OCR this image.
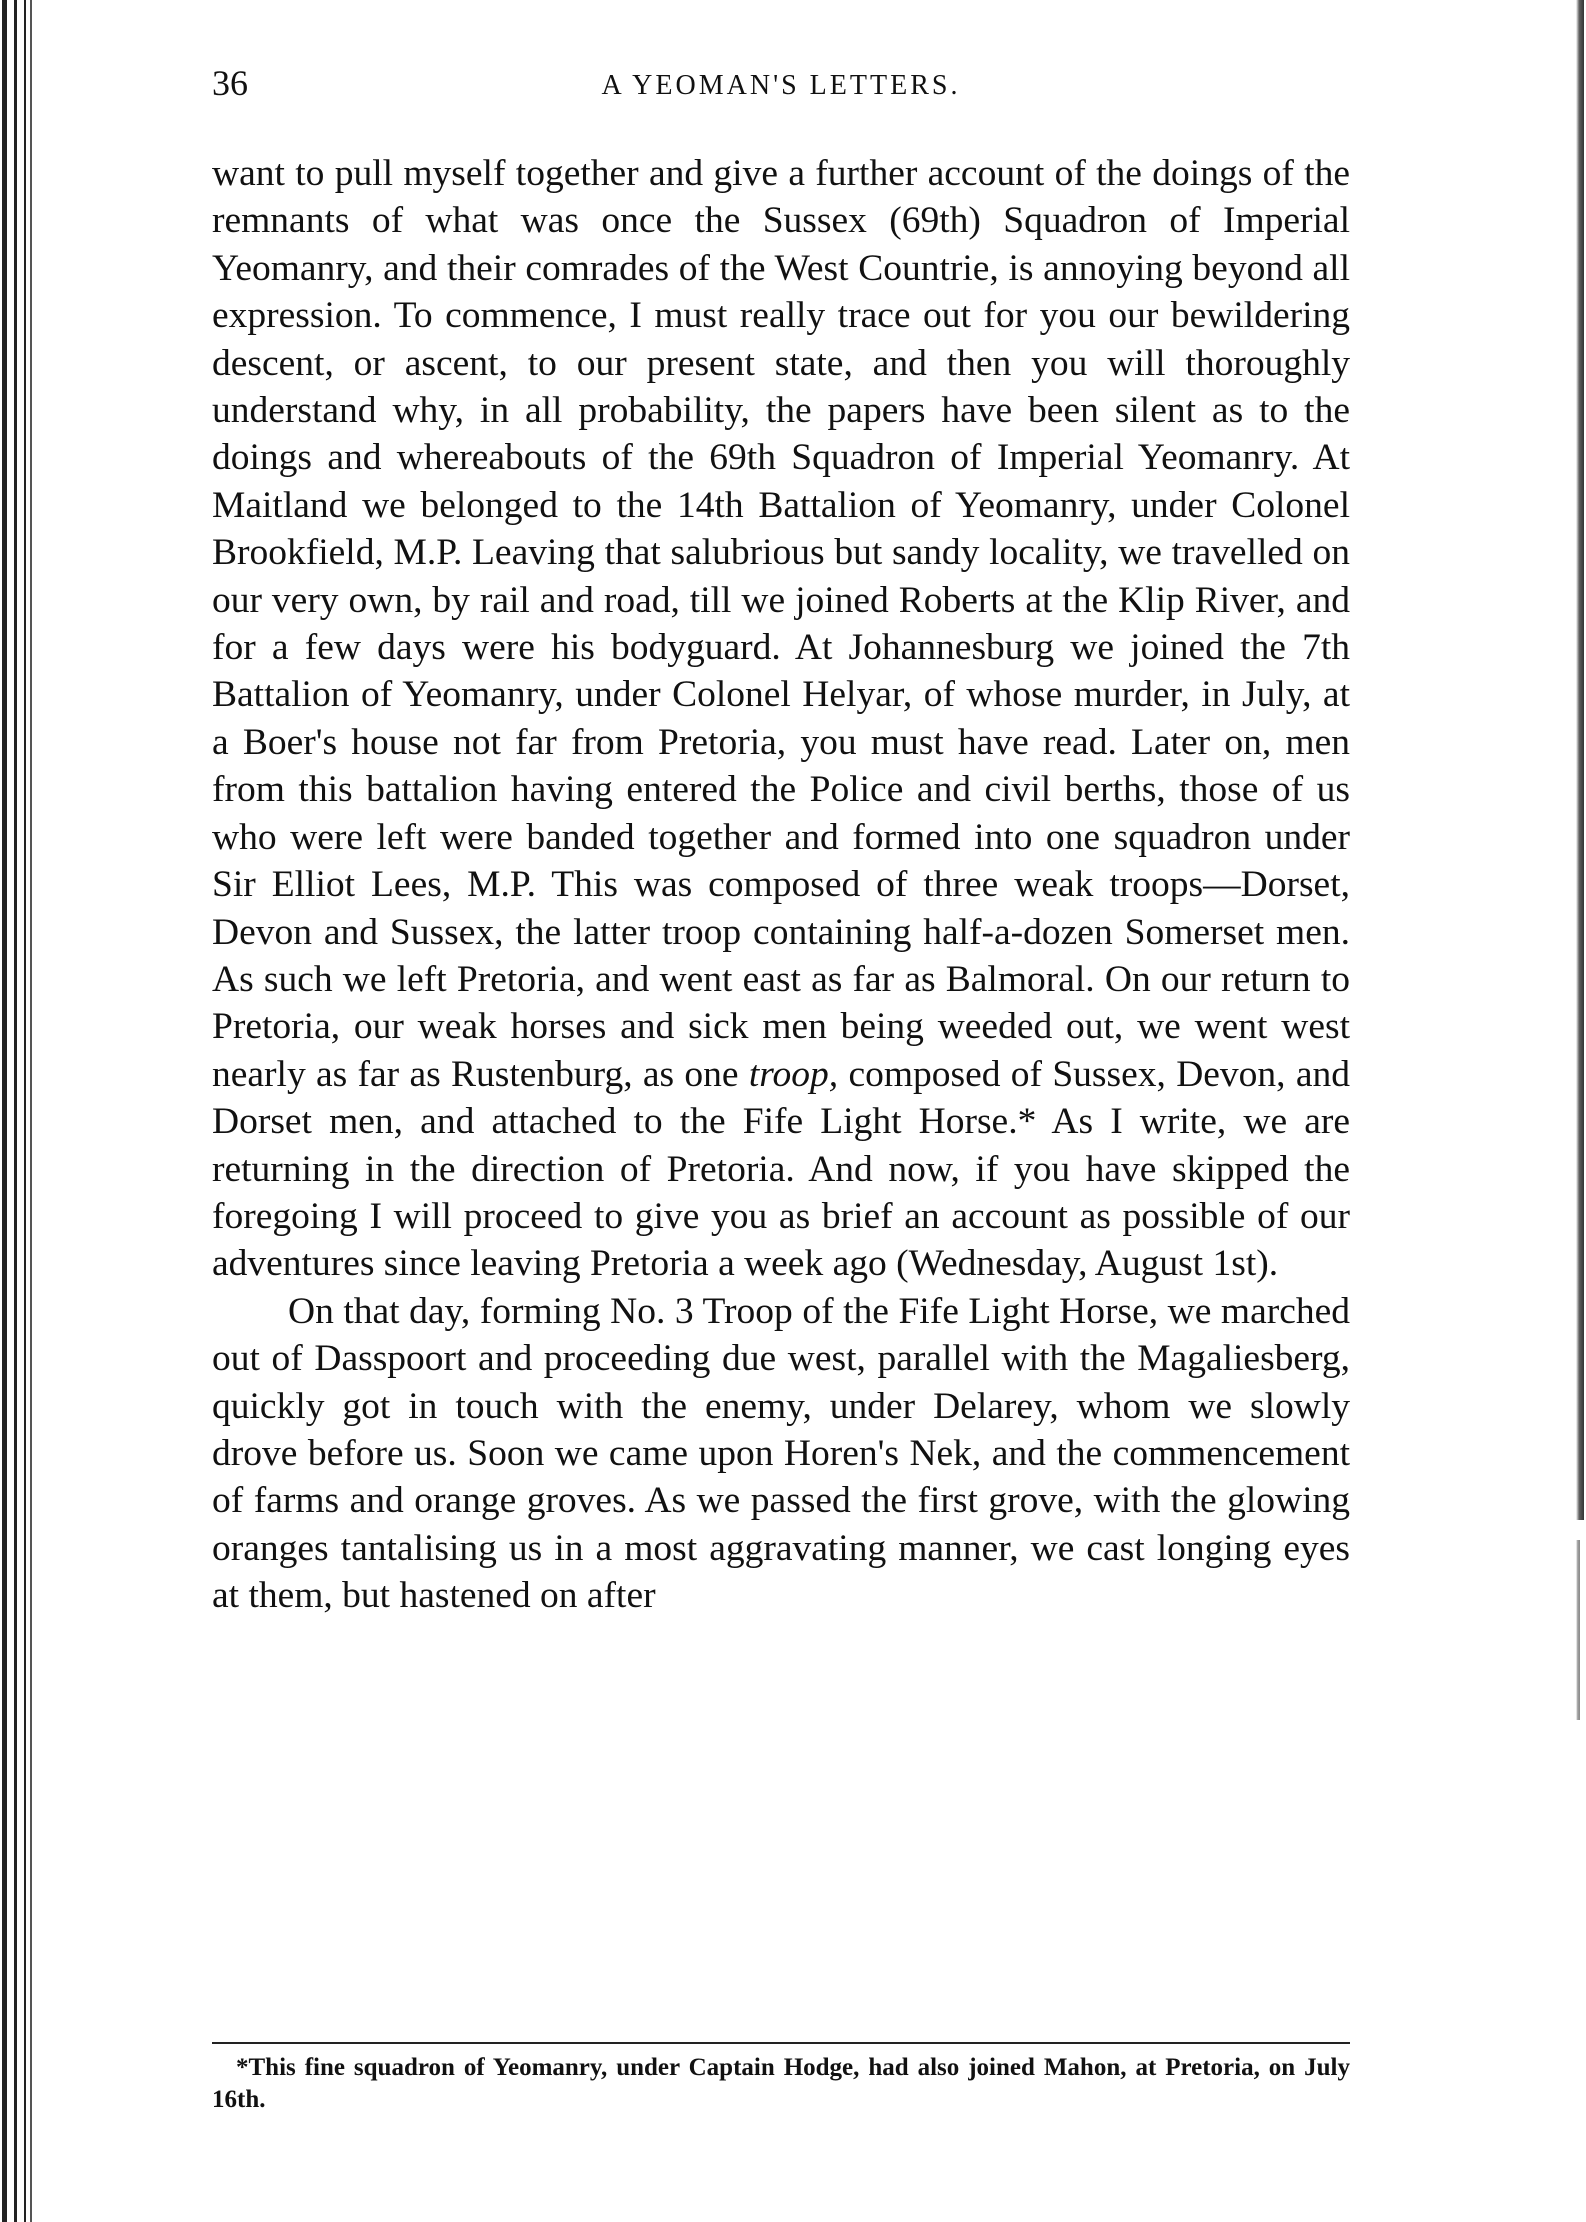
36	A YEOMAN'S LETTERS.

want to pull myself together and give a further account of the doings of the remnants of what was once the Sussex (69th) Squadron of Imperial Yeomanry, and their comrades of the West Countrie, is annoying beyond all expression. To commence, I must really trace out for you our bewildering descent, or ascent, to our present state, and then you will thoroughly understand why, in all probability, the papers have been silent as to the doings and whereabouts of the 69th Squadron of Imperial Yeomanry. At Maitland we belonged to the 14th Battalion of Yeomanry, under Colonel Brookfield, M.P. Leaving that salubrious but sandy locality, we travelled on our very own, by rail and road, till we joined Roberts at the Klip River, and for a few days were his bodyguard. At Johannesburg we joined the 7th Battalion of Yeomanry, under Colonel Helyar, of whose murder, in July, at a Boer's house not far from Pretoria, you must have read. Later on, men from this battalion having entered the Police and civil berths, those of us who were left were banded together and formed into one squadron under Sir Elliot Lees, M.P. This was composed of three weak troops—Dorset, Devon and Sussex, the latter troop containing half-a-dozen Somerset men. As such we left Pretoria, and went east as far as Balmoral. On our return to Pretoria, our weak horses and sick men being weeded out, we went west nearly as far as Rustenburg, as one troop, composed of Sussex, Devon, and Dorset men, and attached to the Fife Light Horse.* As I write, we are returning in the direction of Pretoria. And now, if you have skipped the foregoing I will proceed to give you as brief an account as possible of our adventures since leaving Pretoria a week ago (Wednesday, August 1st).

On that day, forming No. 3 Troop of the Fife Light Horse, we marched out of Dasspoort and proceeding due west, parallel with the Magaliesberg, quickly got in touch with the enemy, under Delarey, whom we slowly drove before us. Soon we came upon Horen's Nek, and the commencement of farms and orange groves. As we passed the first grove, with the glowing oranges tantalising us in a most aggravating manner, we cast longing eyes at them, but hastened on after

*This fine squadron of Yeomanry, under Captain Hodge, had also joined Mahon, at Pretoria, on July 16th.
